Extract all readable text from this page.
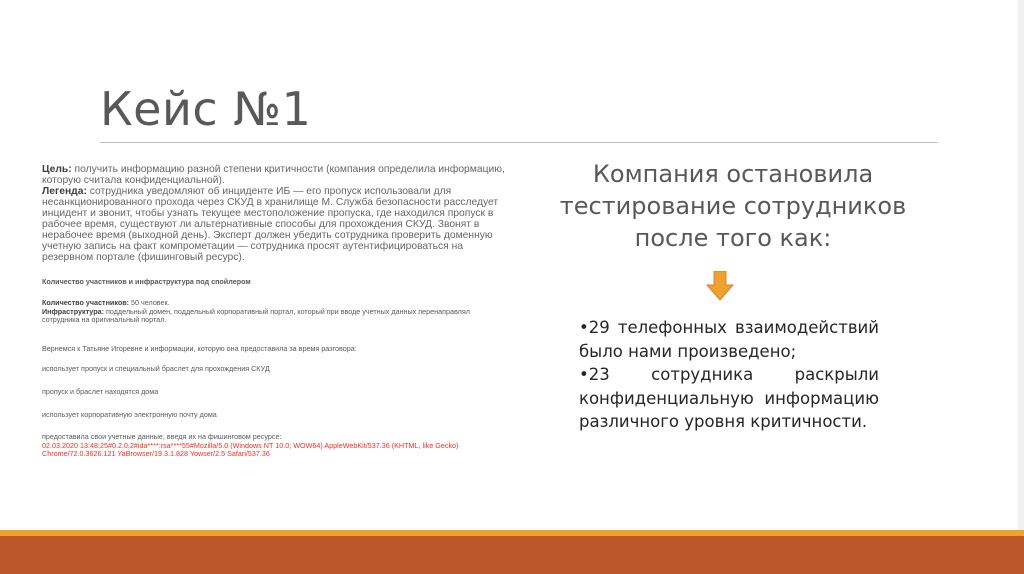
Кейс №1

Цель: получить информацию разной степени критичности (компания определила информацию, которую считала конфиденциальной).

Легенда: сотрудника уведомляют об инциденте ИБ — его пропуск использовали для несанкционированного прохода через СКУД в хранилище М. Служба безопасности расследует инцидент и звонит, чтобы узнать текущее местоположение пропуска, где находился пропуск в рабочее время, существуют ли альтернативные способы для прохождения СКУД. Звонят в нерабочее время (выходной день). Эксперт должен убедить сотрудника проверить доменную учетную запись на факт компрометации — сотрудника просят аутентифицироваться на резервном портале (фишинговый ресурс).

Количество участников и инфраструктура под спойлером

Количество участников: 50 человек.

Инфраструктура: поддельный домен, поддельный корпоративный портал, который при вводе учетных данных перенаправлял сотрудника на оригинальный портал.

Вернемся к Татьяне Игоревне и информации, которую она предоставила за время разговора:

использует пропуск и специальный браслет для прохождения СКУД

пропуск и браслет находятся дома

использует корпоративную электронную почту дома

предоставила свои учетные данные, введя их на фишинговом ресурсе:

02.03.2020 13:48:25#0.2.0.2#ida****:rsa****55#Mozilla/5.0 (Windows NT 10.0; WOW64) AppleWebKit/537.36 (KHTML, like Gecko) Chrome/72.0.3626.121 YaBrowser/19.3.1.828 Yowser/2.5 Safari/537.36

Компания остановила тестирование сотрудников после того как:

•29 телефонных взаимодействий было нами произведено;

•23 сотрудника раскрыли конфиденциальную информацию различного уровня критичности.
